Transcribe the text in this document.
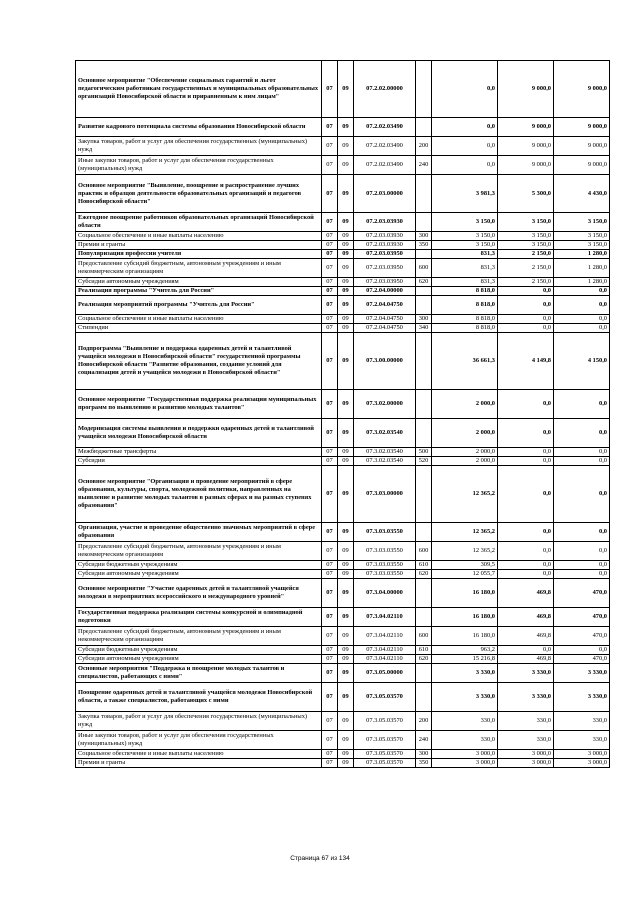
Основное мероприятие "Обеспечение социальных гарантий и льгот педагогическим работникам государственных и муниципальных образовательных организаций Новосибирской области и приравненным к ним лицам"	07	09	07.2.02.00000		0,0	9 000,0	9 000,0
Развитие кадрового потенциала системы образования Новосибирской области	07	09	07.2.02.03490		0,0	9 000,0	9 000,0
Закупка товаров, работ и услуг для обеспечения государственных (муниципальных) нужд	07	09	07.2.02.03490	200	0,0	9 000,0	9 000,0
Иные закупки товаров, работ и услуг для обеспечения государственных (муниципальных) нужд	07	09	07.2.02.03490	240	0,0	9 000,0	9 000,0
Основное мероприятие "Выявление, поощрение и распространение лучших практик и образцов деятельности образовательных организаций и педагогов Новосибирской области"	07	09	07.2.03.00000		3 981,3	5 300,0	4 430,0
Ежегодное поощрение работников образовательных организаций Новосибирской области	07	09	07.2.03.03930		3 150,0	3 150,0	3 150,0
Социальное обеспечение и иные выплаты населению	07	09	07.2.03.03930	300	3 150,0	3 150,0	3 150,0
Премии и гранты	07	09	07.2.03.03930	350	3 150,0	3 150,0	3 150,0
Популяризация профессии учителя	07	09	07.2.03.03950		831,3	2 150,0	1 280,0
Предоставление субсидий бюджетным, автономным учреждениям и иным некоммерческим организациям	07	09	07.2.03.03950	600	831,3	2 150,0	1 280,0
Субсидии автономным учреждениям	07	09	07.2.03.03950	620	831,3	2 150,0	1 280,0
Реализация программы "Учитель для России"	07	09	07.2.04.00000		8 818,0	0,0	0,0
Реализация мероприятий программы "Учитель для России"	07	09	07.2.04.04750		8 818,0	0,0	0,0
Социальное обеспечение и иные выплаты населению	07	09	07.2.04.04750	300	8 818,0	0,0	0,0
Стипендии	07	09	07.2.04.04750	340	8 818,0	0,0	0,0
Подпрограмма "Выявление и поддержка одаренных детей и талантливой учащейся молодежи в Новосибирской области" государственной программы Новосибирской области "Развитие образования, создание условий для социализации детей и учащейся молодежи в Новосибирской области"	07	09	07.3.00.00000		36 661,3	4 149,8	4 150,0
Основное мероприятие "Государственная поддержка реализации муниципальных программ по выявлению и развитию молодых талантов"	07	09	07.3.02.00000		2 000,0	0,0	0,0
Модернизация системы выявления и поддержки одаренных детей и талантливой учащейся молодежи Новосибирской области	07	09	07.3.02.03540		2 000,0	0,0	0,0
Межбюджетные трансферты	07	09	07.3.02.03540	500	2 000,0	0,0	0,0
Субсидии	07	09	07.3.02.03540	520	2 000,0	0,0	0,0
Основное мероприятие "Организация и проведение мероприятий в сфере образования, культуры, спорта, молодежной политики, направленных на выявление и развитие молодых талантов в разных сферах и на разных ступенях образования"	07	09	07.3.03.00000		12 365,2	0,0	0,0
Организация, участие и проведение общественно значимых мероприятий в сфере образования	07	09	07.3.03.03550		12 365,2	0,0	0,0
Предоставление субсидий бюджетным, автономным учреждениям и иным некоммерческим организациям	07	09	07.3.03.03550	600	12 365,2	0,0	0,0
Субсидии бюджетным учреждениям	07	09	07.3.03.03550	610	309,5	0,0	0,0
Субсидии автономным учреждениям	07	09	07.3.03.03550	620	12 055,7	0,0	0,0
Основное мероприятие "Участие одаренных детей и талантливой учащейся молодежи в мероприятиях всероссийского и международного уровней"	07	09	07.3.04.00000		16 180,0	469,8	470,0
Государственная поддержка реализации системы конкурсной и олимпиадной подготовки	07	09	07.3.04.02110		16 180,0	469,8	470,0
Предоставление субсидий бюджетным, автономным учреждениям и иным некоммерческим организациям	07	09	07.3.04.02110	600	16 180,0	469,8	470,0
Субсидии бюджетным учреждениям	07	09	07.3.04.02110	610	963,2	0,0	0,0
Субсидии автономным учреждениям	07	09	07.3.04.02110	620	15 216,8	469,8	470,0
Основные мероприятия "Поддержка и поощрение молодых талантов и специалистов, работающих с ними"	07	09	07.3.05.00000		3 330,0	3 330,0	3 330,0
Поощрение одаренных детей и талантливой учащейся молодежи Новосибирской области, а также специалистов, работающих с ними	07	09	07.3.05.03570		3 330,0	3 330,0	3 330,0
Закупка товаров, работ и услуг для обеспечения государственных (муниципальных) нужд	07	09	07.3.05.03570	200	330,0	330,0	330,0
Иные закупки товаров, работ и услуг для обеспечения государственных (муниципальных) нужд	07	09	07.3.05.03570	240	330,0	330,0	330,0
Социальное обеспечение и иные выплаты населению	07	09	07.3.05.03570	300	3 000,0	3 000,0	3 000,0
Премии и гранты	07	09	07.3.05.03570	350	3 000,0	3 000,0	3 000,0
Страница 67 из 134
